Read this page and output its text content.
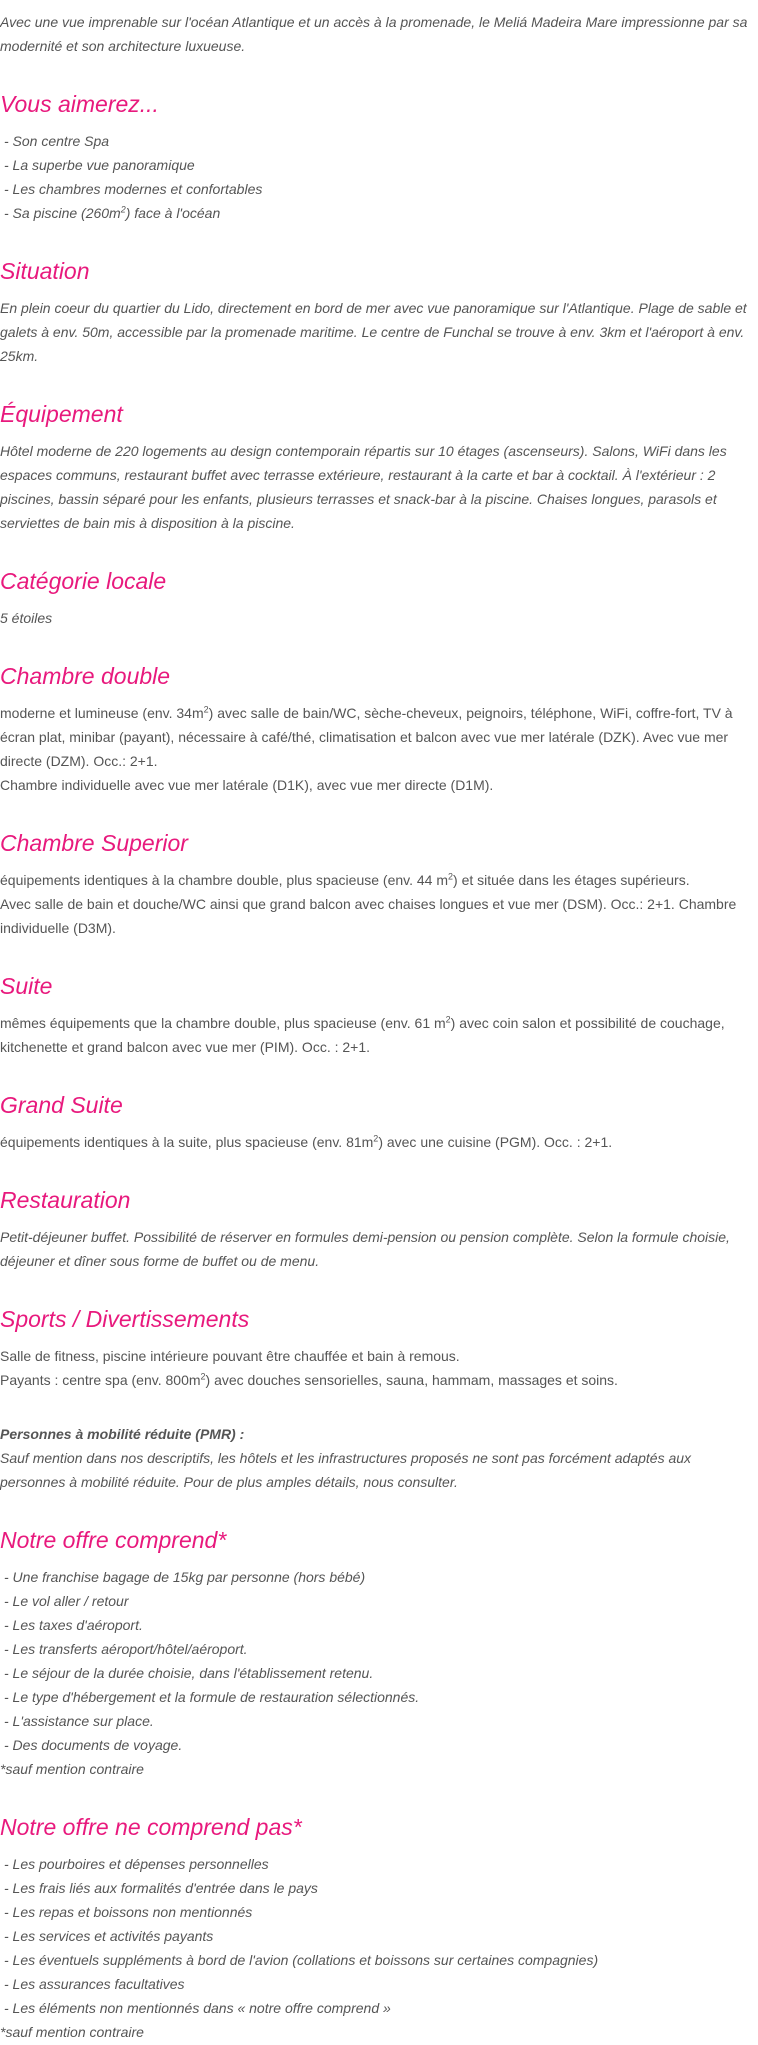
Avec une vue imprenable sur l'océan Atlantique et un accès à la promenade, le Meliá Madeira Mare impressionne par sa modernité et son architecture luxueuse.

Vous aimerez...
- Son centre Spa
- La superbe vue panoramique
- Les chambres modernes et confortables
- Sa piscine $(260m^2)$ face à l'océan
Situation

En plein coeur du quartier du Lido, directement en bord de mer avec vue panoramique sur l'Atlantique. Plage de sable et galets à env. 50m, accessible par la promenade maritime. Le centre de Funchal se trouve à env. 3km et l'aéroport à env. 25km.

Équipement

Hôtel moderne de 220 logements au design contemporain répartis sur 10 étages (ascenseurs). Salons, WiFi dans les espaces communs, restaurant buffet avec terrasse extérieure, restaurant à la carte et bar à cocktail. À l'extérieur : 2 piscines, bassin séparé pour les enfants, plusieurs terrasses et snack-bar à la piscine. Chaises longues, parasols et serviettes de bain mis à disposition à la piscine.

Catégorie locale

5 étoiles

Chambre double

moderne et lumineuse (env. $34m^2$) avec salle de bain/WC, sèche-cheveux, peignoirs, téléphone, WiFi, coffre-fort, TV à écran plat, minibar (payant), nécessaire à café/thé, climatisation et balcon avec vue mer latérale (DZK). Avec vue mer directe (DZM). Occ.: 2+1.

Chambre individuelle avec vue mer latérale (D1K), avec vue mer directe (D1M).

Chambre Superior

équipements identiques à la chambre double, plus spacieuse (env. 44 $m^2$) et située dans les étages supérieurs.

Avec salle de bain et douche/WC ainsi que grand balcon avec chaises longues et vue mer (DSM). Occ.: 2+1. Chambre individuelle (D3M).

Suite

mêmes équipements que la chambre double, plus spacieuse (env. 61 $m^2$) avec coin salon et possibilité de couchage, kitchenette et grand balcon avec vue mer (PIM). Occ. : 2+1.

Grand Suite

équipements identiques à la suite, plus spacieuse (env. $81m^2$) avec une cuisine (PGM). Occ. : 2+1.

Restauration

Petit-déjeuner buffet. Possibilité de réserver en formules demi-pension ou pension complète. Selon la formule choisie, déjeuner et dîner sous forme de buffet ou de menu.

Sports / Divertissements

Salle de fitness, piscine intérieure pouvant être chauffée et bain à remous.

Payants : centre spa (env. $800m^2$) avec douches sensorielles, sauna, hammam, massages et soins.

Personnes à mobilité réduite (PMR) :

Sauf mention dans nos descriptifs, les hôtels et les infrastructures proposés ne sont pas forcément adaptés aux personnes à mobilité réduite. Pour de plus amples détails, nous consulter.

Notre offre comprend*
- Une franchise bagage de 15kg par personne (hors bébé)
- Le vol aller / retour
- Les taxes d'aéroport.
- Les transferts aéroport/hôtel/aéroport.
- Le séjour de la durée choisie, dans l'établissement retenu.
- Le type d'hébergement et la formule de restauration sélectionnés.
- L'assistance sur place.
- Des documents de voyage.
*sauf mention contraire
Notre offre ne comprend pas*
- Les pourboires et dépenses personnelles
- Les frais liés aux formalités d'entrée dans le pays
- Les repas et boissons non mentionnés
- Les services et activités payants
- Les éventuels suppléments à bord de l'avion (collations et boissons sur certaines compagnies)
- Les assurances facultatives
- Les éléments non mentionnés dans « notre offre comprend »
*sauf mention contraire
